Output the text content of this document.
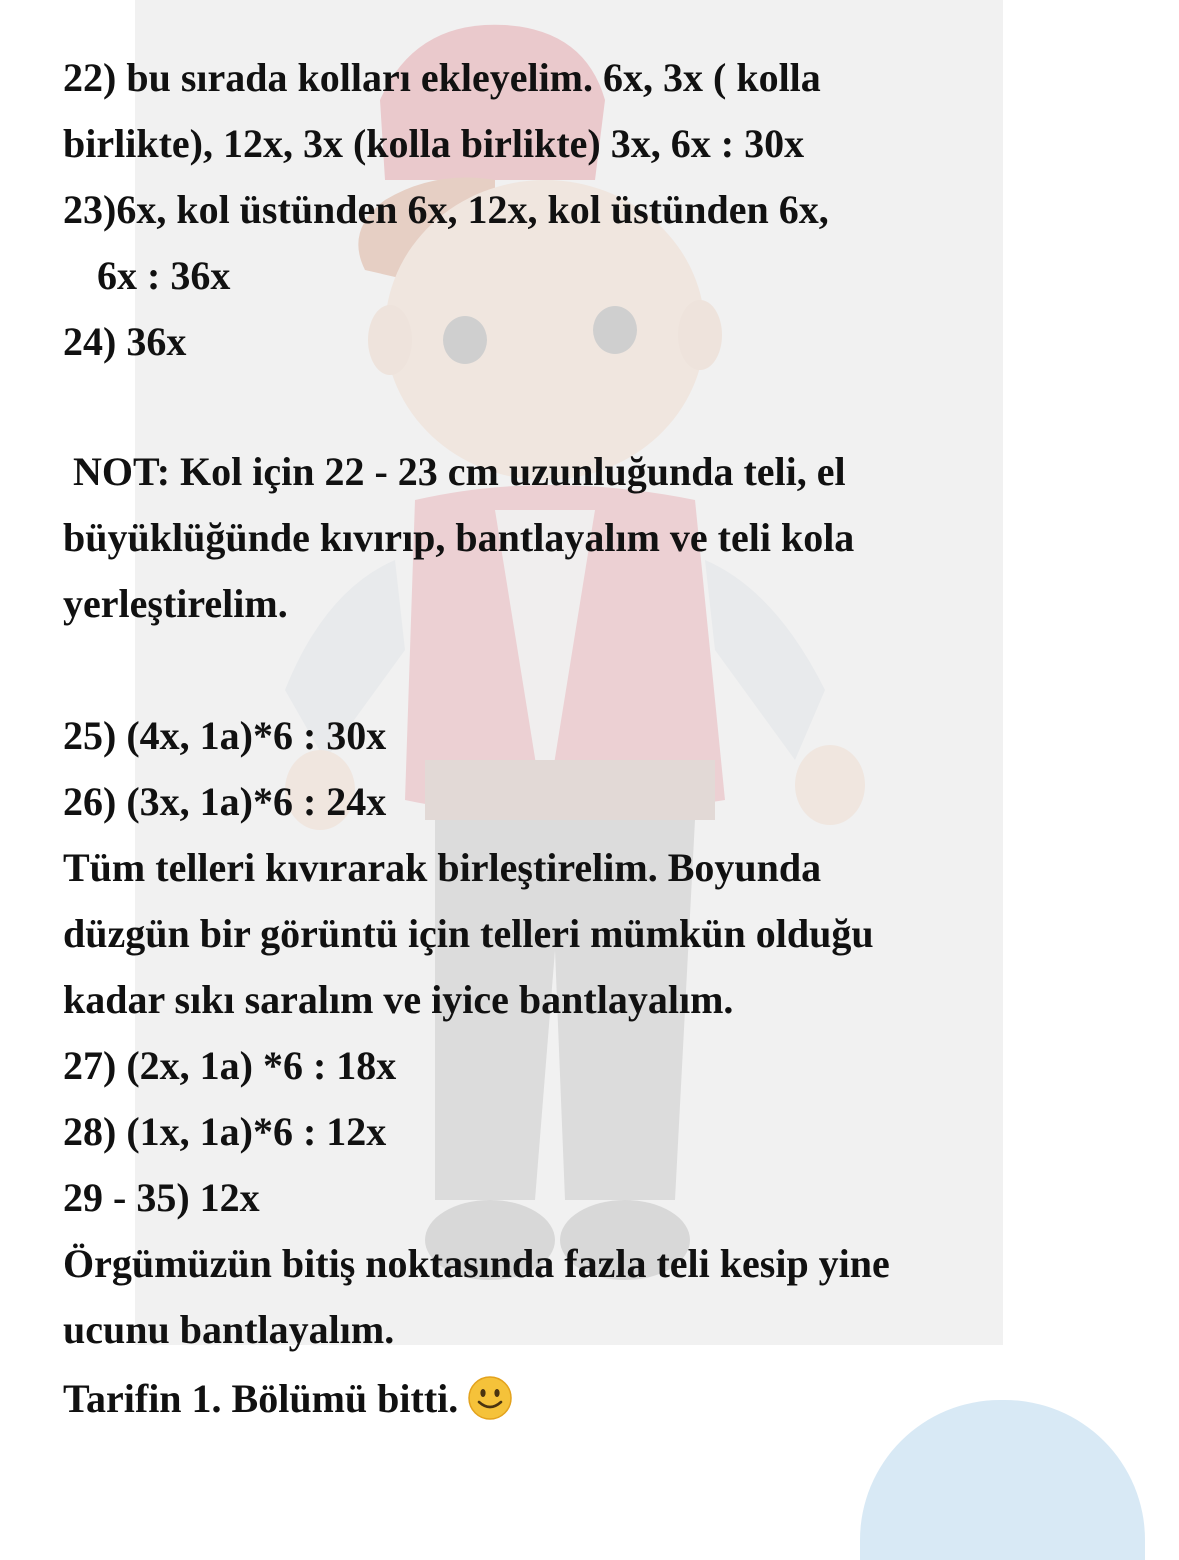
22) bu sırada kolları ekleyelim. 6x, 3x ( kolla
birlikte), 12x, 3x (kolla birlikte) 3x, 6x : 30x
23)6x, kol üstünden 6x, 12x, kol üstünden 6x,
6x : 36x
24) 36x
NOT: Kol için 22 - 23 cm uzunluğunda teli, el
büyüklüğünde kıvırıp, bantlayalım ve teli kola
yerleştirelim.
25) (4x, 1a)*6 : 30x
26) (3x, 1a)*6 : 24x
Tüm telleri kıvırarak birleştirelim. Boyunda
düzgün bir görüntü için telleri mümkün olduğu
kadar sıkı saralım ve iyice bantlayalım.
27) (2x, 1a) *6 : 18x
28) (1x, 1a)*6 : 12x
29 - 35) 12x
Örgümüzün bitiş noktasında fazla teli kesip yine
ucunu bantlayalım.
Tarifin 1. Bölümü bitti.
